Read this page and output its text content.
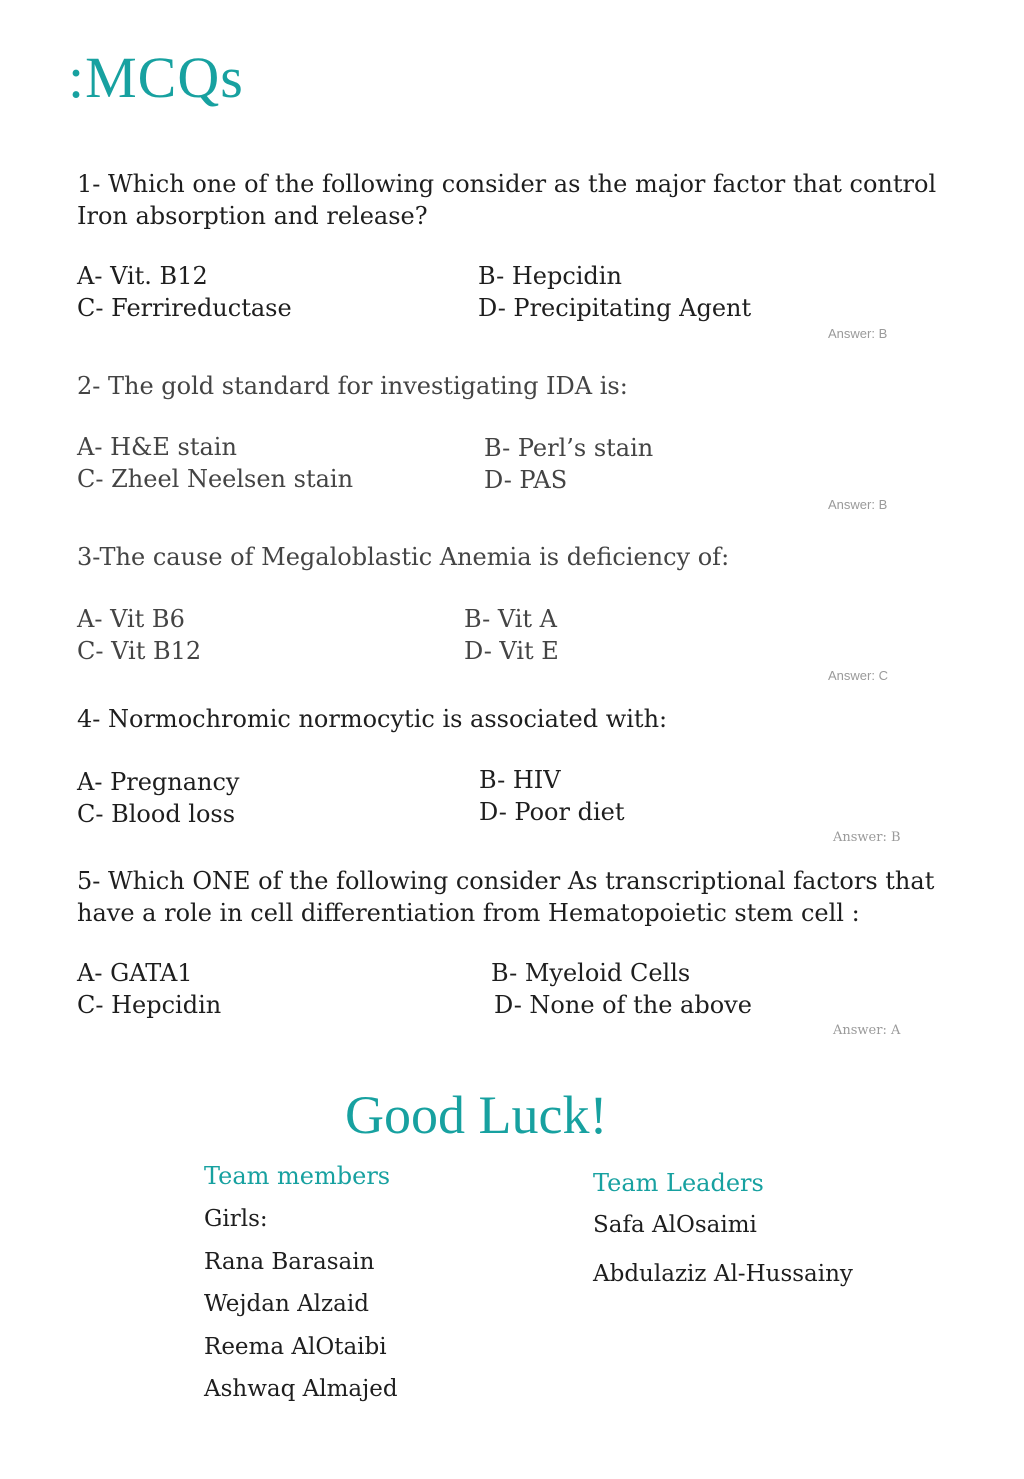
:MCQs
1- Which one of the following consider as the major factor that control
Iron absorption and release?
A- Vit. B12	B- Hepcidin
C- Ferrireductase	D- Precipitating Agent
Answer: B
2- The gold standard for investigating IDA is:
A- H&E stain	B- Perl’s stain
C- Zheel Neelsen stain	D- PAS
Answer: B
3-The cause of Megaloblastic Anemia is deficiency of:
A- Vit B6	B- Vit A
C- Vit B12	D- Vit E
Answer: C
4- Normochromic normocytic is associated with:
A- Pregnancy	B- HIV
C- Blood loss	D- Poor diet
Answer: B
5- Which ONE of the following consider As transcriptional factors that
have a role in cell differentiation from Hematopoietic stem cell :
A- GATA1	B- Myeloid Cells
C- Hepcidin	D- None of the above
Answer: A
Good Luck!
Team members
Girls:
Rana Barasain
Wejdan Alzaid
Reema AlOtaibi
Ashwaq Almajed
Team Leaders
Safa AlOsaimi
Abdulaziz Al-Hussainy
